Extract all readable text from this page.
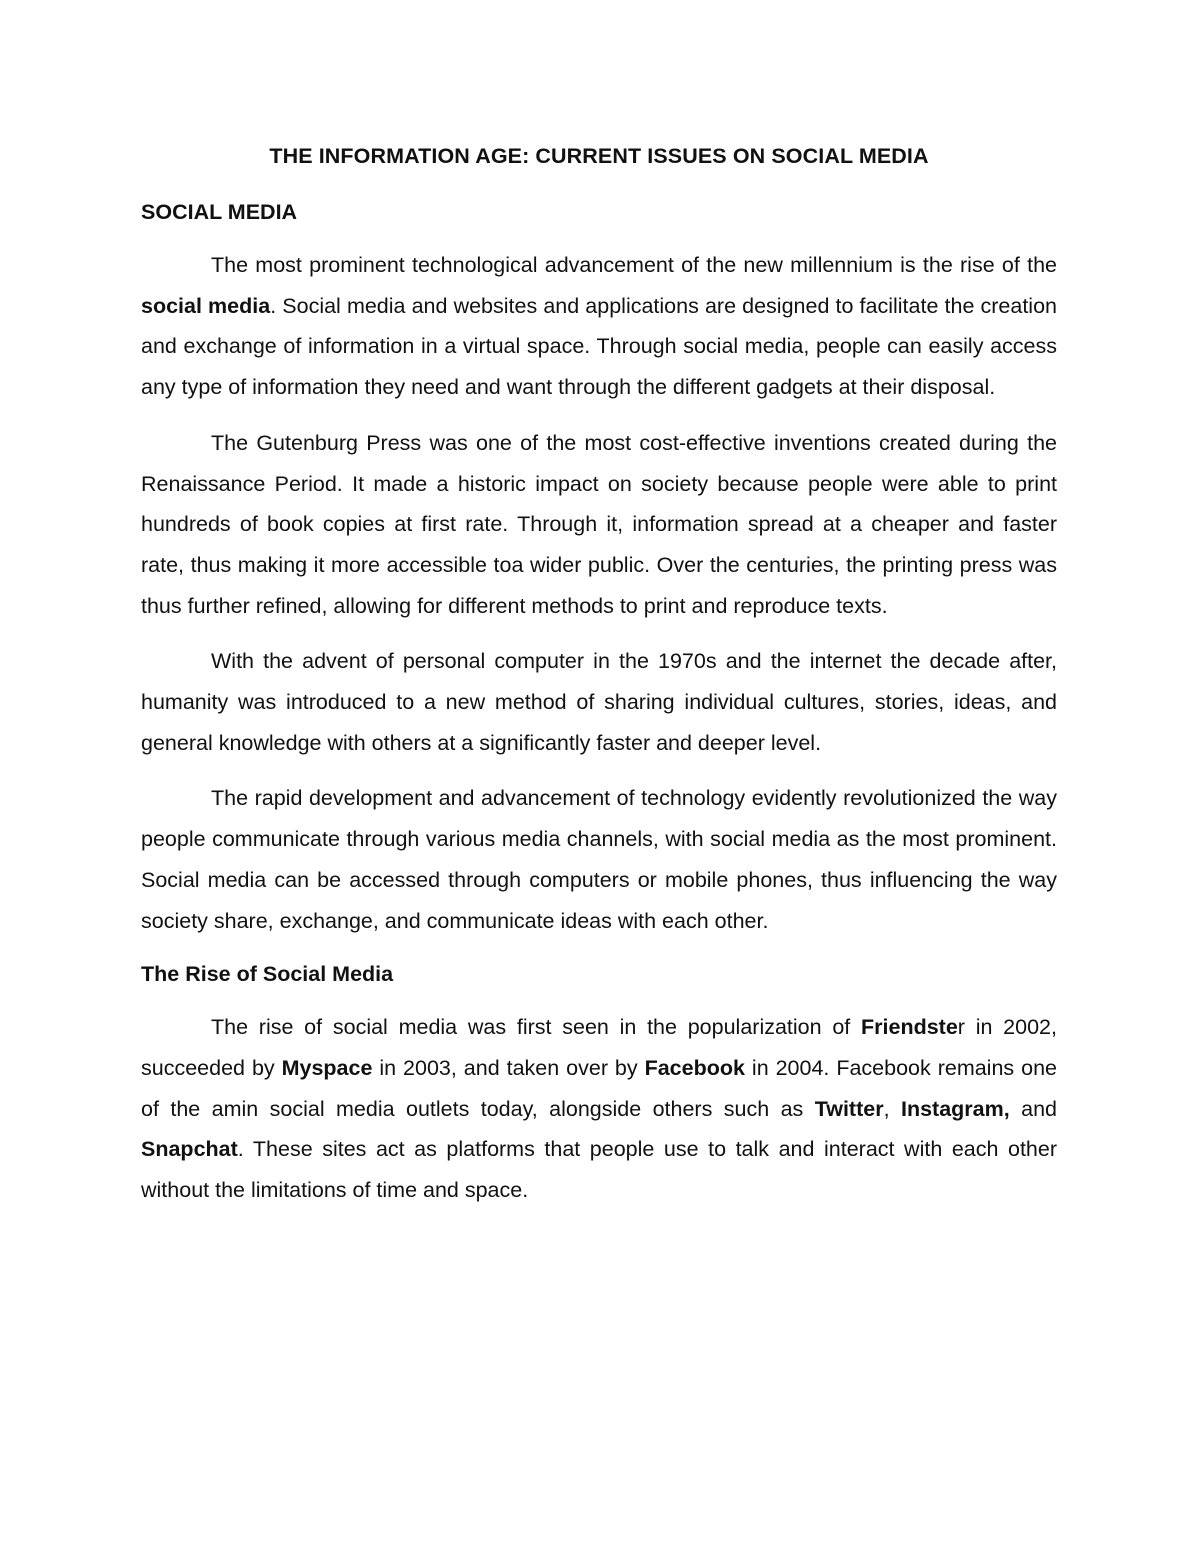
THE INFORMATION AGE: CURRENT ISSUES ON SOCIAL MEDIA
SOCIAL MEDIA

The most prominent technological advancement of the new millennium is the rise of the social media. Social media and websites and applications are designed to facilitate the creation and exchange of information in a virtual space. Through social media, people can easily access any type of information they need and want through the different gadgets at their disposal.

The Gutenburg Press was one of the most cost-effective inventions created during the Renaissance Period. It made a historic impact on society because people were able to print hundreds of book copies at first rate. Through it, information spread at a cheaper and faster rate, thus making it more accessible toa wider public. Over the centuries, the printing press was thus further refined, allowing for different methods to print and reproduce texts.

With the advent of personal computer in the 1970s and the internet the decade after, humanity was introduced to a new method of sharing individual cultures, stories, ideas, and general knowledge with others at a significantly faster and deeper level.

The rapid development and advancement of technology evidently revolutionized the way people communicate through various media channels, with social media as the most prominent. Social media can be accessed through computers or mobile phones, thus influencing the way society share, exchange, and communicate ideas with each other.

The Rise of Social Media

The rise of social media was first seen in the popularization of Friendster in 2002, succeeded by Myspace in 2003, and taken over by Facebook in 2004. Facebook remains one of the amin social media outlets today, alongside others such as Twitter, Instagram, and Snapchat. These sites act as platforms that people use to talk and interact with each other without the limitations of time and space.
